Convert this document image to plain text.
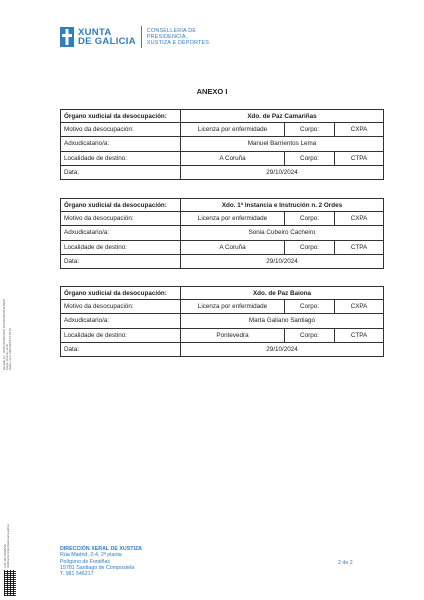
XUNTA
DE GALICIA
CONSELLERÍA DE
PRESIDENCIA,
XUSTIZA E DEPORTES
ANEXO I
Órgano xudicial da desocupación:	Xdo. de Paz Camariñas
Motivo da desocupación:	Licenza por enfermidade	Corpo:	CXPA
Adxudicatario/a:	Manuel Barrientos Lema
Localidade de destino:	A Coruña	Corpo:	CTPA
Data:	29/10/2024
Órgano xudicial da desocupación:	Xdo. 1ª Instancia e Instrución n. 2 Ordes
Motivo da desocupación:	Licenza por enfermidade	Corpo:	CXPA
Adxudicatario/a:	Sonia Cubeiro Cacheiro
Localidade de destino:	A Coruña	Corpo:	CTPA
Data:	29/10/2024
Órgano xudicial da desocupación:	Xdo. de Paz Baiona
Motivo da desocupación:	Licenza por enfermidade	Corpo:	CXPA
Adxudicatario/a:	Marta Galiano Santiago
Localidade de destino:	Pontevedra	Corpo:	CTPA
Data:	29/10/2024
Asinado por: JOSE FRANCISCO FRONCHOSO ALBERT
Cargo: Director xeral
Data e hora: 29/10/2024 13:35:14
CVE: Xfh7vIKD0xV6
Verificación: https://sede.xunta.gal/cve	DIRECCIÓN XERAL DE XUSTIZA
Rúa Madrid, 2-4, 2ª planta
Polígono de Fontiñas
15781 Santiago de Compostela
T. 981 546217
2 de 2
